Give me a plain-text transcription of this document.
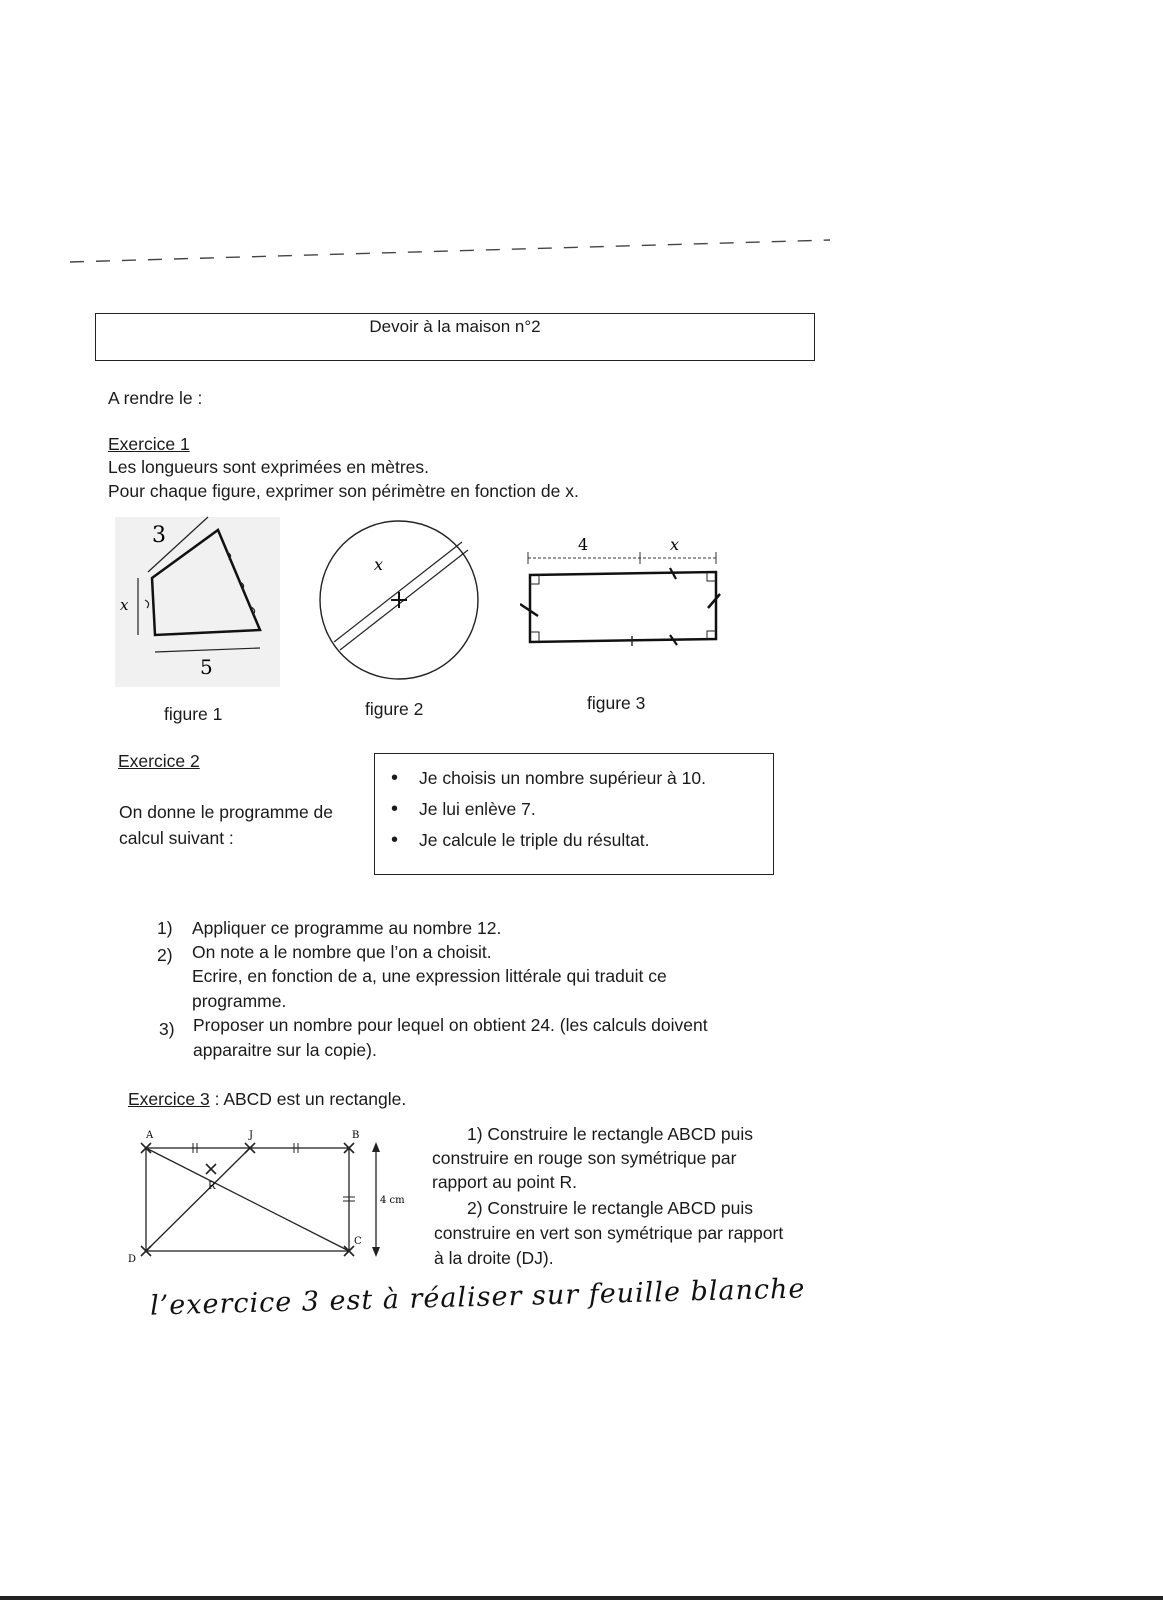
Devoir à la maison n°2
A rendre le :
Exercice 1
Les longueurs sont exprimées en mètres.
Pour chaque figure, exprimer son périmètre en fonction de x.
3
x
5
figure 1
x
figure 2
4	x
figure 3
Exercice 2
On donne le programme de
calcul suivant :
• Je choisis un nombre supérieur à 10.
• Je lui enlève 7.
• Je calcule le triple du résultat.
1) Appliquer ce programme au nombre 12.
2) On note a le nombre que l’on a choisit.
Ecrire, en fonction de a, une expression littérale qui traduit ce
programme.
3) Proposer un nombre pour lequel on obtient 24. (les calculs doivent
apparaitre sur la copie).
Exercice 3 : ABCD est un rectangle.
A	J	B
C
D
R
4 cm
1) Construire le rectangle ABCD puis
construire en rouge son symétrique par
rapport au point R.
2) Construire le rectangle ABCD puis
construire en vert son symétrique par rapport
à la droite (DJ).
l’exercice 3 est à réaliser sur feuille blanche
